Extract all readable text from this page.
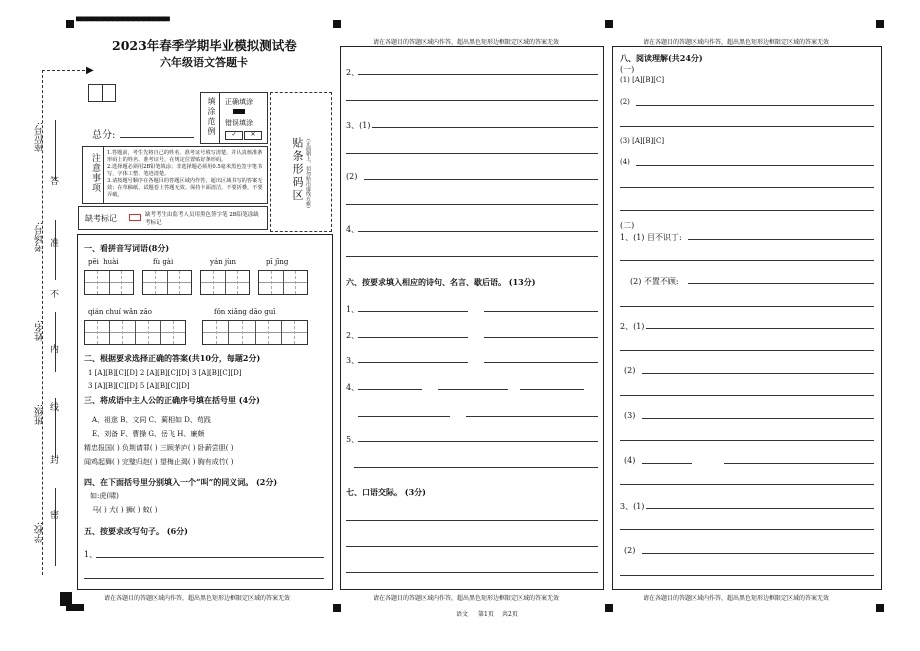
▀▀▀▀▀▀▀▀▀▀▀▀▀▀▀▀▀▀
▶
座位号:
考场号:
姓名:
班级:
学校:
答
准
不
内
线
封
密
2023年春季学期毕业模拟测试卷
六年级语文答题卡
总分:	填涂范例 正确填涂
错误填涂
✓	✕
注意事项	1.答题前，考生先将自己的姓名、准考证号填写清楚，并认真核准条形码上的姓名、准考证号，在规定位置贴好条形码。
2.选择题必须用2B铅笔填涂；非选择题必须用0.5毫米黑色签字笔书写，字体工整、笔迹清楚。
3.请按题号顺序在各题目的答题区域内作答，超出区域书写的答案无效；在草稿纸、试题卷上答题无效。保持卡面清洁，不要折叠，不要弄破。
缺考标记	缺考考生由监考人员用黑色签字笔 2B铅笔涂缺考标记
贴条形码区 (正面朝上，切勿贴出虚线方框)
一、看拼音写词语(8分)
pēi huài	fù gài	yán jùn	pī jīng
qián chuí wǎn zāo	fǒn xiǎng dāo guī
二、根据要求选择正确的答案(共10分，每题2分)
1 [A][B][C][D] 2 [A][B][C][D] 3 [A][B][C][D]
3 [A][B][C][D] 5 [A][B][C][D]
三、将成语中主人公的正确序号填在括号里 (4分)
A、祖逖 B、文同 C、蔺相如 D、苟践
E、刘备 F、曹操 G、岳飞 H、廉颇
精忠报国( ) 负荆请罪( ) 三顾茅庐( ) 卧薪尝胆( )
闻鸡起舞( ) 完璧归赵( ) 望梅止渴( ) 胸有成竹( )
四、在下面括号里分别填入一个“叫”的同义词。 (2分)
如:虎(啸)
马( ) 犬( ) 狮( ) 蚊( )
五、按要求改写句子。 (6分)
1、
请在各题目的答题区域内作答，超出黑色矩形边框限定区域的答案无效
2、
3、(1)
(2)
4、
六、按要求填入相应的诗句、名言、歇后语。 (13分)
1、
2、
3、
4、
5、
七、口语交际。 (3分)
请在各题目的答题区域内作答，超出黑色矩形边框限定区域的答案无效
八、阅读理解(共24分)
(一)
(1) [A][B][C]
(2)
(3) [A][B][C]
(4)
(二)
1、(1) 目不识丁:
(2) 不置不顾:
2、(1)
(2)
(3)
(4)
3、(1)
(2)
请在各题目的答题区域内作答，超出黑色矩形边框限定区域的答案无效	请在各题目的答题区域内作答，超出黑色矩形边框限定区域的答案无效	请在各题目的答题区域内作答，超出黑色矩形边框限定区域的答案无效
语文 第1页 共2页
